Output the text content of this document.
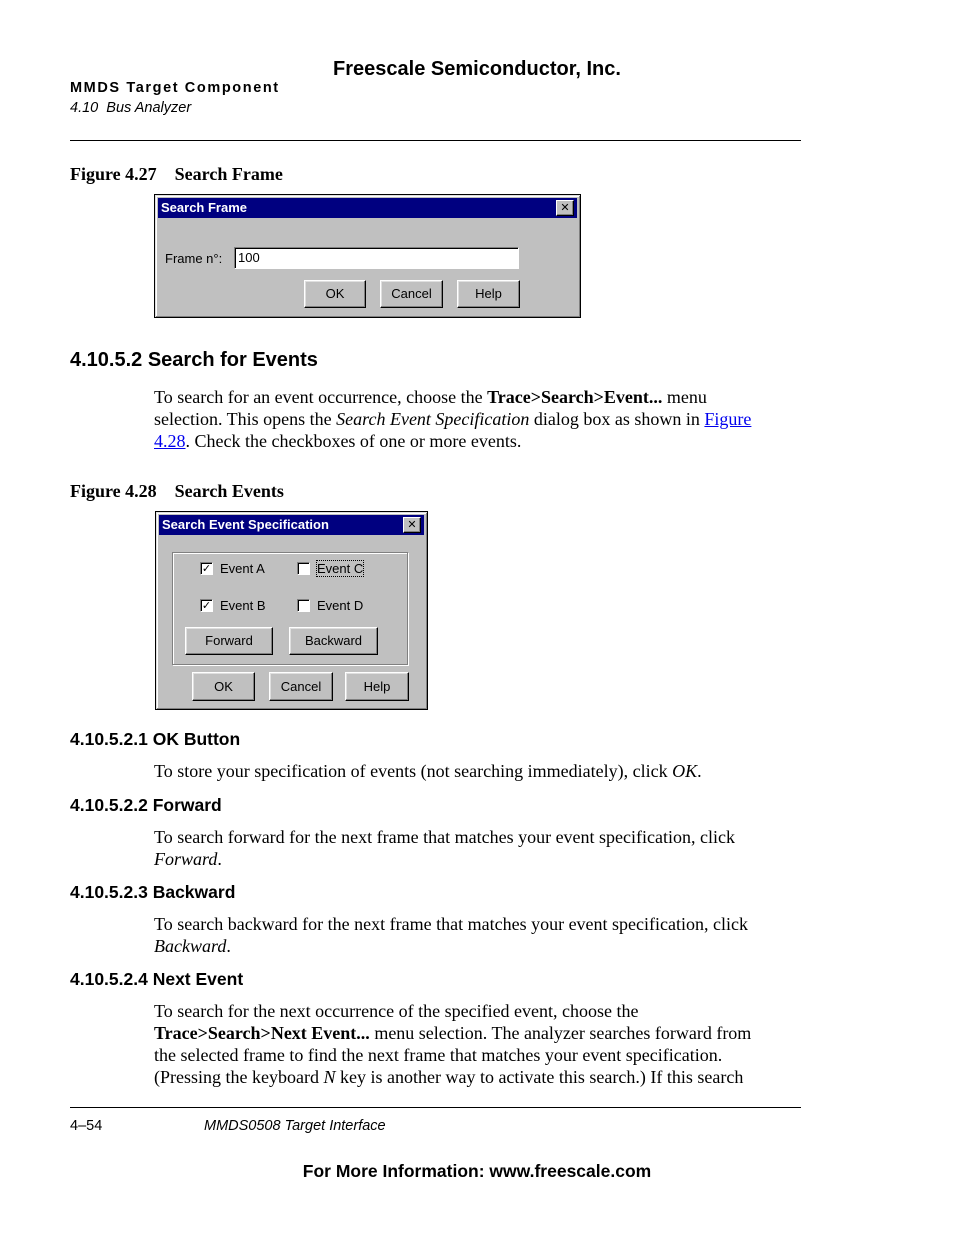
Freescale Semiconductor, Inc.
MMDS Target Component
4.10  Bus Analyzer
Figure 4.27 Search Frame
Search Frame	✕
Frame n°:	100
OK	Cancel	Help
4.10.5.2 Search for Events
To search for an event occurrence, choose the Trace>Search>Event... menu
selection. This opens the Search Event Specification dialog box as shown in Figure
4.28. Check the checkboxes of one or more events.
Figure 4.28 Search Events
Search Event Specification	✕
✓ Event A	Event C
✓ Event B	Event D
Forward	Backward
OK	Cancel	Help
4.10.5.2.1 OK Button
To store your specification of events (not searching immediately), click OK.
4.10.5.2.2 Forward
To search forward for the next frame that matches your event specification, click
Forward.
4.10.5.2.3 Backward
To search backward for the next frame that matches your event specification, click
Backward.
4.10.5.2.4 Next Event
To search for the next occurrence of the specified event, choose the
Trace>Search>Next Event... menu selection. The analyzer searches forward from
the selected frame to find the next frame that matches your event specification.
(Pressing the keyboard N key is another way to activate this search.) If this search
4–54	MMDS0508 Target Interface
For More Information: www.freescale.com
